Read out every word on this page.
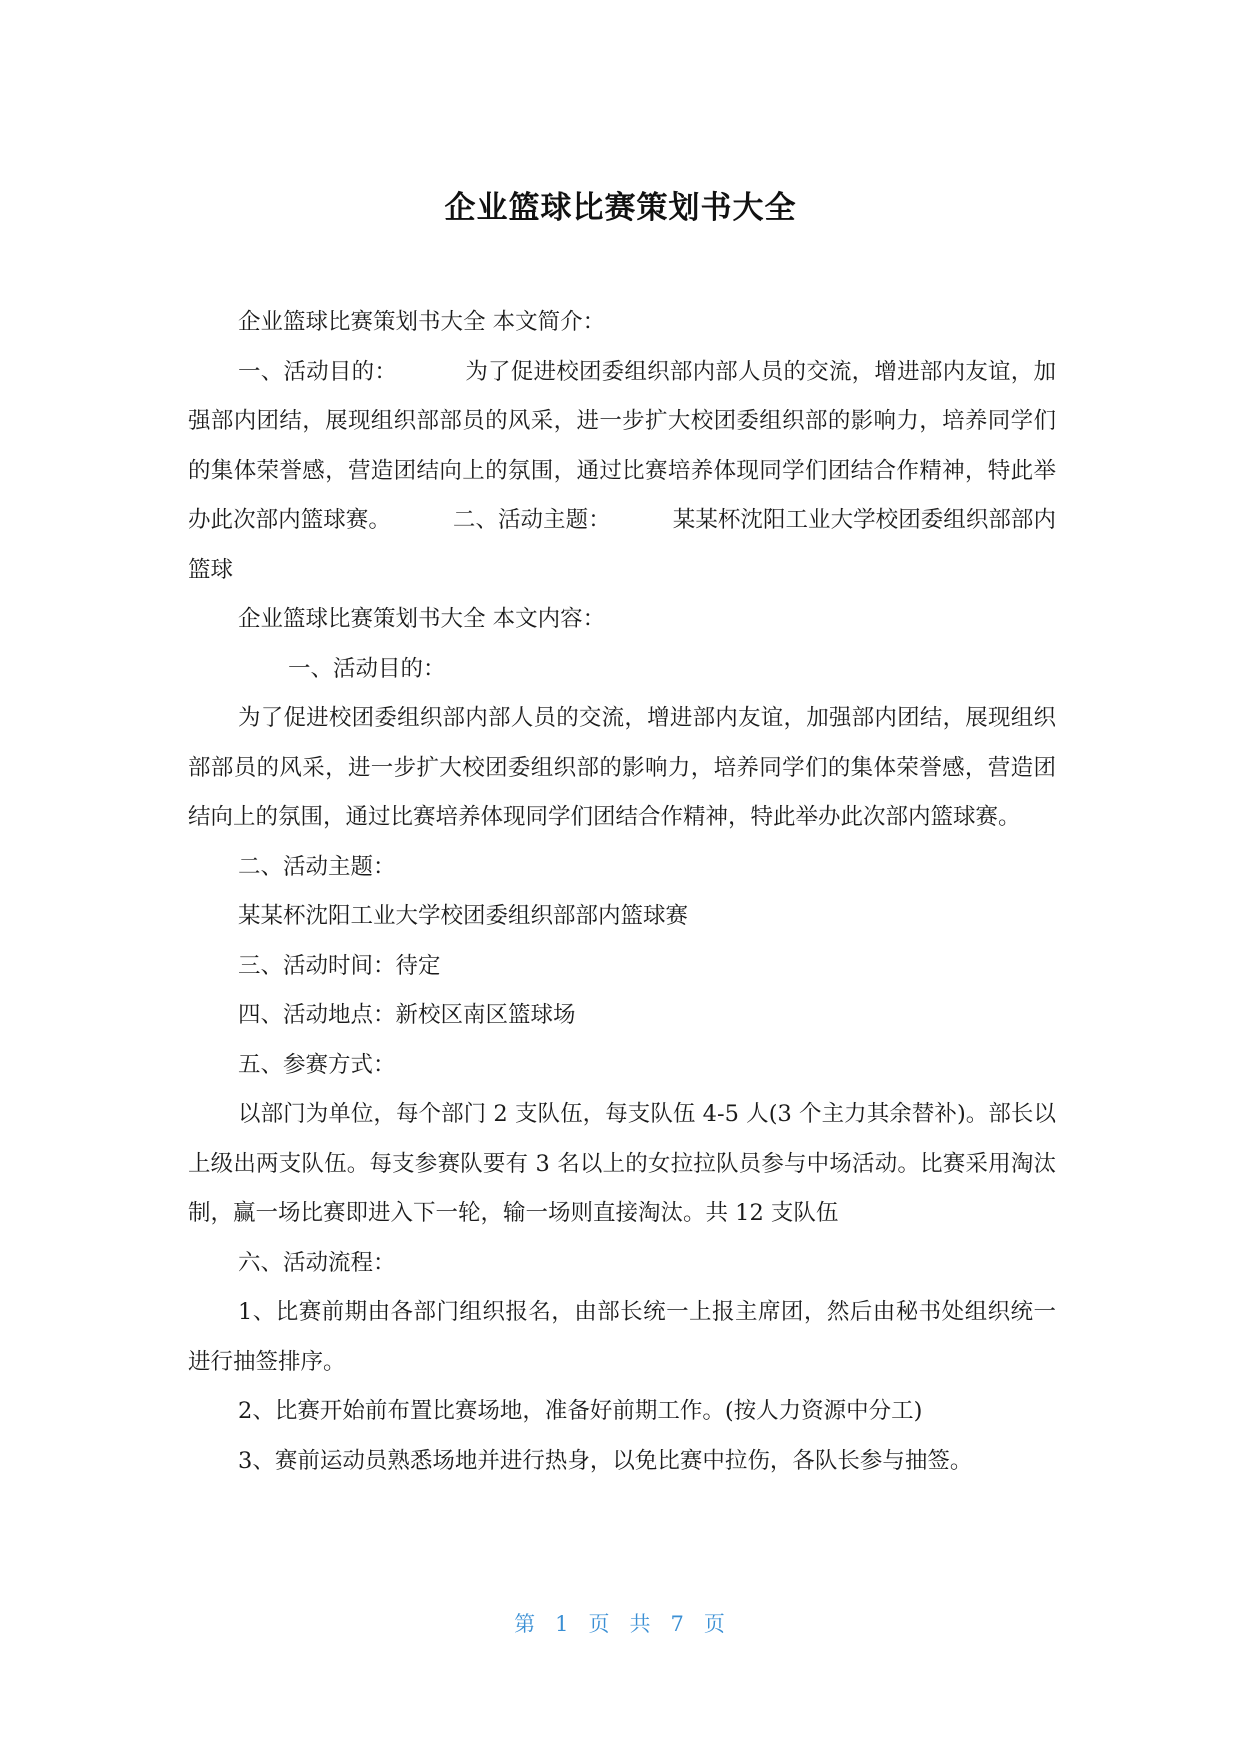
企业篮球比赛策划书大全

企业篮球比赛策划书大全 本文简介：

一、活动目的：	为了促进校团委组织部内部人员的交流，增进部内友谊，加强部内团结，展现组织部部员的风采，进一步扩大校团委组织部的影响力，培养同学们的集体荣誉感，营造团结向上的氛围，通过比赛培养体现同学们团结合作精神，特此举办此次部内篮球赛。	二、活动主题：	某某杯沈阳工业大学校团委组织部部内篮球

企业篮球比赛策划书大全 本文内容：

一、活动目的：

为了促进校团委组织部内部人员的交流，增进部内友谊，加强部内团结，展现组织部部员的风采，进一步扩大校团委组织部的影响力，培养同学们的集体荣誉感，营造团结向上的氛围，通过比赛培养体现同学们团结合作精神，特此举办此次部内篮球赛。

二、活动主题：

某某杯沈阳工业大学校团委组织部部内篮球赛

三、活动时间：待定

四、活动地点：新校区南区篮球场

五、参赛方式：

以部门为单位，每个部门 2 支队伍，每支队伍 4-5 人(3 个主力其余替补)。部长以上级出两支队伍。每支参赛队要有 3 名以上的女拉拉队员参与中场活动。比赛采用淘汰制，赢一场比赛即进入下一轮，输一场则直接淘汰。共 12 支队伍

六、活动流程：

1、比赛前期由各部门组织报名，由部长统一上报主席团，然后由秘书处组织统一进行抽签排序。

2、比赛开始前布置比赛场地，准备好前期工作。(按人力资源中分工)

3、赛前运动员熟悉场地并进行热身，以免比赛中拉伤，各队长参与抽签。

第 1 页 共 7 页
